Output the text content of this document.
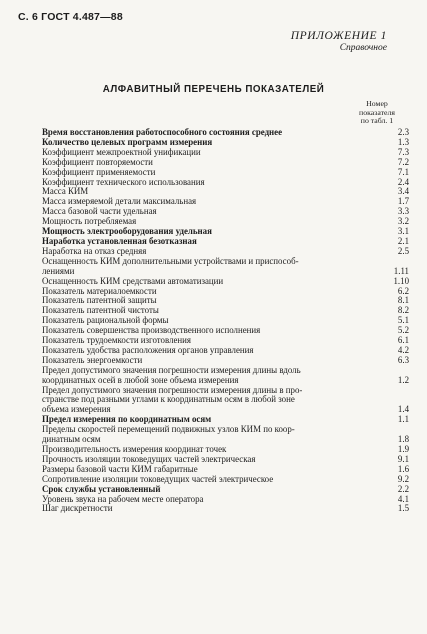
С. 6 ГОСТ 4.487—88
ПРИЛОЖЕНИЕ 1
Справочное
АЛФАВИТНЫЙ ПЕРЕЧЕНЬ ПОКАЗАТЕЛЕЙ
Номер
показателя
по табл. 1
Время восстановления работоспособного состояния среднее	2.3
Количество целевых программ измерения	1.3
Коэффициент межпроектной унификации	7.3
Коэффициент повторяемости	7.2
Коэффициент применяемости	7.1
Коэффициент технического использования	2.4
Масса КИМ	3.4
Масса измеряемой детали максимальная	1.7
Масса базовой части удельная	3.3
Мощность потребляемая	3.2
Мощность электрооборудования удельная	3.1
Наработка установленная безотказная	2.1
Наработка на отказ средняя	2.5
Оснащенность КИМ дополнительными устройствами и приспособ-
лениями	1.11
Оснащенность КИМ средствами автоматизации	1.10
Показатель материалоемкости	6.2
Показатель патентной защиты	8.1
Показатель патентной чистоты	8.2
Показатель рациональной формы	5.1
Показатель совершенства производственного исполнения	5.2
Показатель трудоемкости изготовления	6.1
Показатель удобства расположения органов управления	4.2
Показатель энергоемкости	6.3
Предел допустимого значения погрешности измерения длины вдоль
координатных осей в любой зоне объема измерения	1.2
Предел допустимого значения погрешности измерения длины в про-
странстве под разными углами к координатным осям в любой зоне
объема измерения	1.4
Предел измерения по координатным осям	1.1
Пределы скоростей перемещений подвижных узлов КИМ по коор-
динатным осям	1.8
Производительность измерения координат точек	1.9
Прочность изоляции токоведущих частей электрическая	9.1
Размеры базовой части КИМ габаритные	1.6
Сопротивление изоляции токоведущих частей электрическое	9.2
Срок службы установленный	2.2
Уровень звука на рабочем месте оператора	4.1
Шаг дискретности	1.5
